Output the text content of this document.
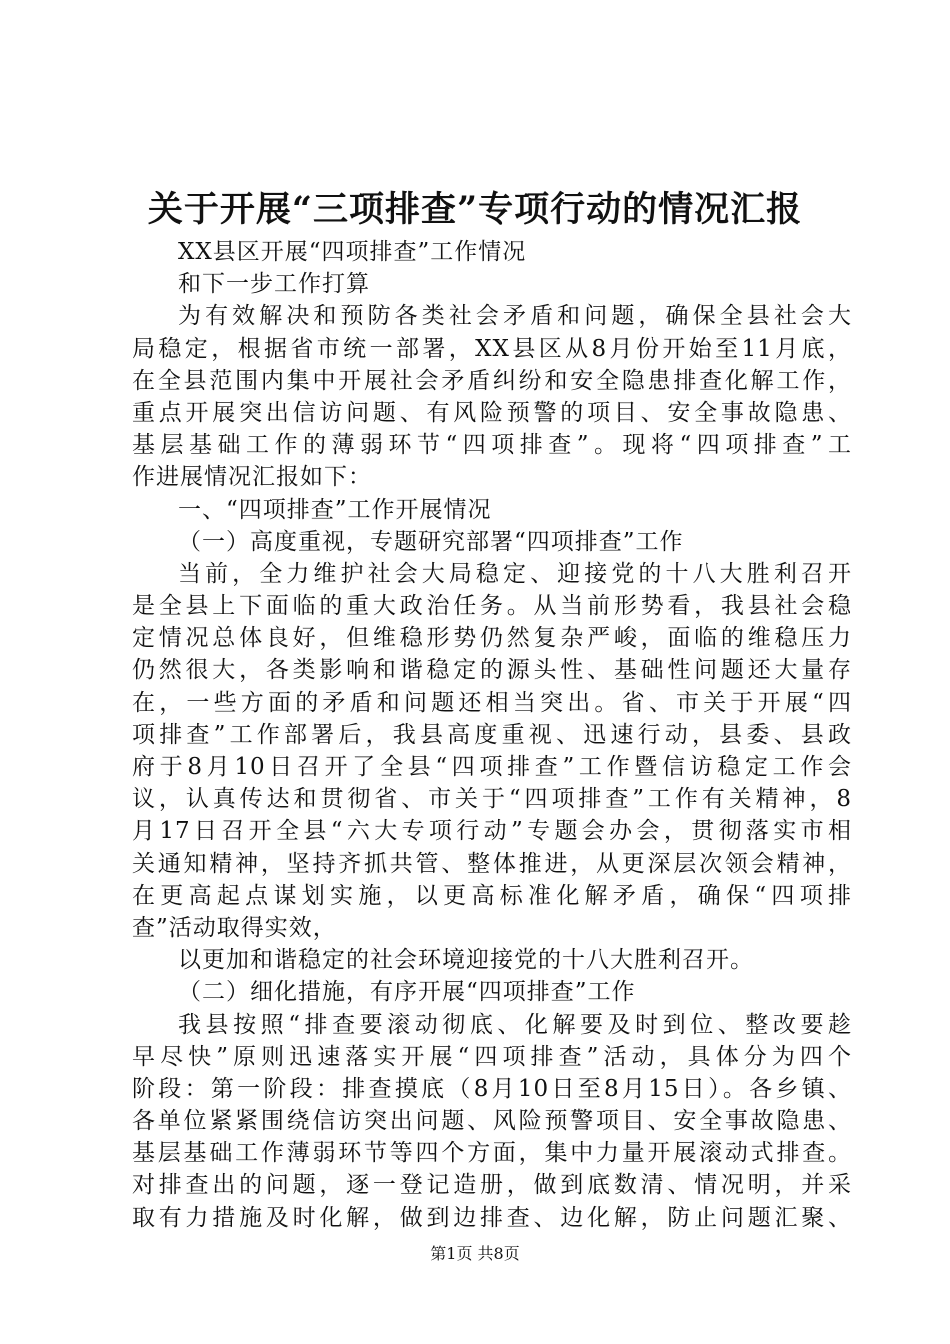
关于开展“三项排查”专项行动的情况汇报
XX县区开展“四项排查”工作情况
和下一步工作打算
为有效解决和预防各类社会矛盾和问题，确保全县社会大
局稳定，根据省市统一部署，XX县区从8月份开始至11月底，
在全县范围内集中开展社会矛盾纠纷和安全隐患排查化解工作，
重点开展突出信访问题、有风险预警的项目、安全事故隐患、
基层基础工作的薄弱环节“四项排查”。现将“四项排查”工
作进展情况汇报如下：
一、“四项排查”工作开展情况
（一）高度重视，专题研究部署“四项排查”工作
当前，全力维护社会大局稳定、迎接党的十八大胜利召开
是全县上下面临的重大政治任务。从当前形势看，我县社会稳
定情况总体良好，但维稳形势仍然复杂严峻，面临的维稳压力
仍然很大，各类影响和谐稳定的源头性、基础性问题还大量存
在，一些方面的矛盾和问题还相当突出。省、市关于开展“四
项排查”工作部署后，我县高度重视、迅速行动，县委、县政
府于8月10日召开了全县“四项排查”工作暨信访稳定工作会
议，认真传达和贯彻省、市关于“四项排查”工作有关精神，8
月17日召开全县“六大专项行动”专题会办会，贯彻落实市相
关通知精神，坚持齐抓共管、整体推进，从更深层次领会精神，
在更高起点谋划实施，以更高标准化解矛盾，确保“四项排
查”活动取得实效，
以更加和谐稳定的社会环境迎接党的十八大胜利召开。
（二）细化措施，有序开展“四项排查”工作
我县按照“排查要滚动彻底、化解要及时到位、整改要趁
早尽快”原则迅速落实开展“四项排查”活动，具体分为四个
阶段：第一阶段：排查摸底（8月10日至8月15日）。各乡镇、
各单位紧紧围绕信访突出问题、风险预警项目、安全事故隐患、
基层基础工作薄弱环节等四个方面，集中力量开展滚动式排查。
对排查出的问题，逐一登记造册，做到底数清、情况明，并采
取有力措施及时化解，做到边排查、边化解，防止问题汇聚、
第1页 共8页
